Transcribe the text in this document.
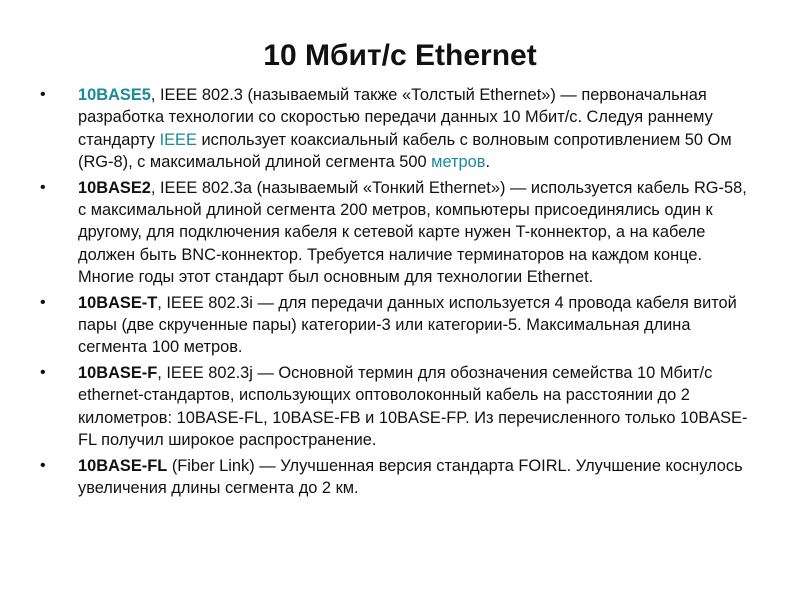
10 Мбит/с Ethernet
• 10BASE5, IEEE 802.3 (называемый также «Толстый Ethernet») — первоначальная разработка технологии со скоростью передачи данных 10 Мбит/с. Следуя раннему стандарту IEEE использует коаксиальный кабель с волновым сопротивлением 50 Ом (RG-8), с максимальной длиной сегмента 500 метров.
• 10BASE2, IEEE 802.3a (называемый «Тонкий Ethernet») — используется кабель RG-58, с максимальной длиной сегмента 200 метров, компьютеры присоединялись один к другому, для подключения кабеля к сетевой карте нужен T-коннектор, а на кабеле должен быть BNC-коннектор. Требуется наличие терминаторов на каждом конце. Многие годы этот стандарт был основным для технологии Ethernet.
• 10BASE-T, IEEE 802.3i — для передачи данных используется 4 провода кабеля витой пары (две скрученные пары) категории-3 или категории-5. Максимальная длина сегмента 100 метров.
• 10BASE-F, IEEE 802.3j — Основной термин для обозначения семейства 10 Мбит/с ethernet-стандартов, использующих оптоволоконный кабель на расстоянии до 2 километров: 10BASE-FL, 10BASE-FB и 10BASE-FP. Из перечисленного только 10BASE-FL получил широкое распространение.
• 10BASE-FL (Fiber Link) — Улучшенная версия стандарта FOIRL. Улучшение коснулось увеличения длины сегмента до 2 км.
